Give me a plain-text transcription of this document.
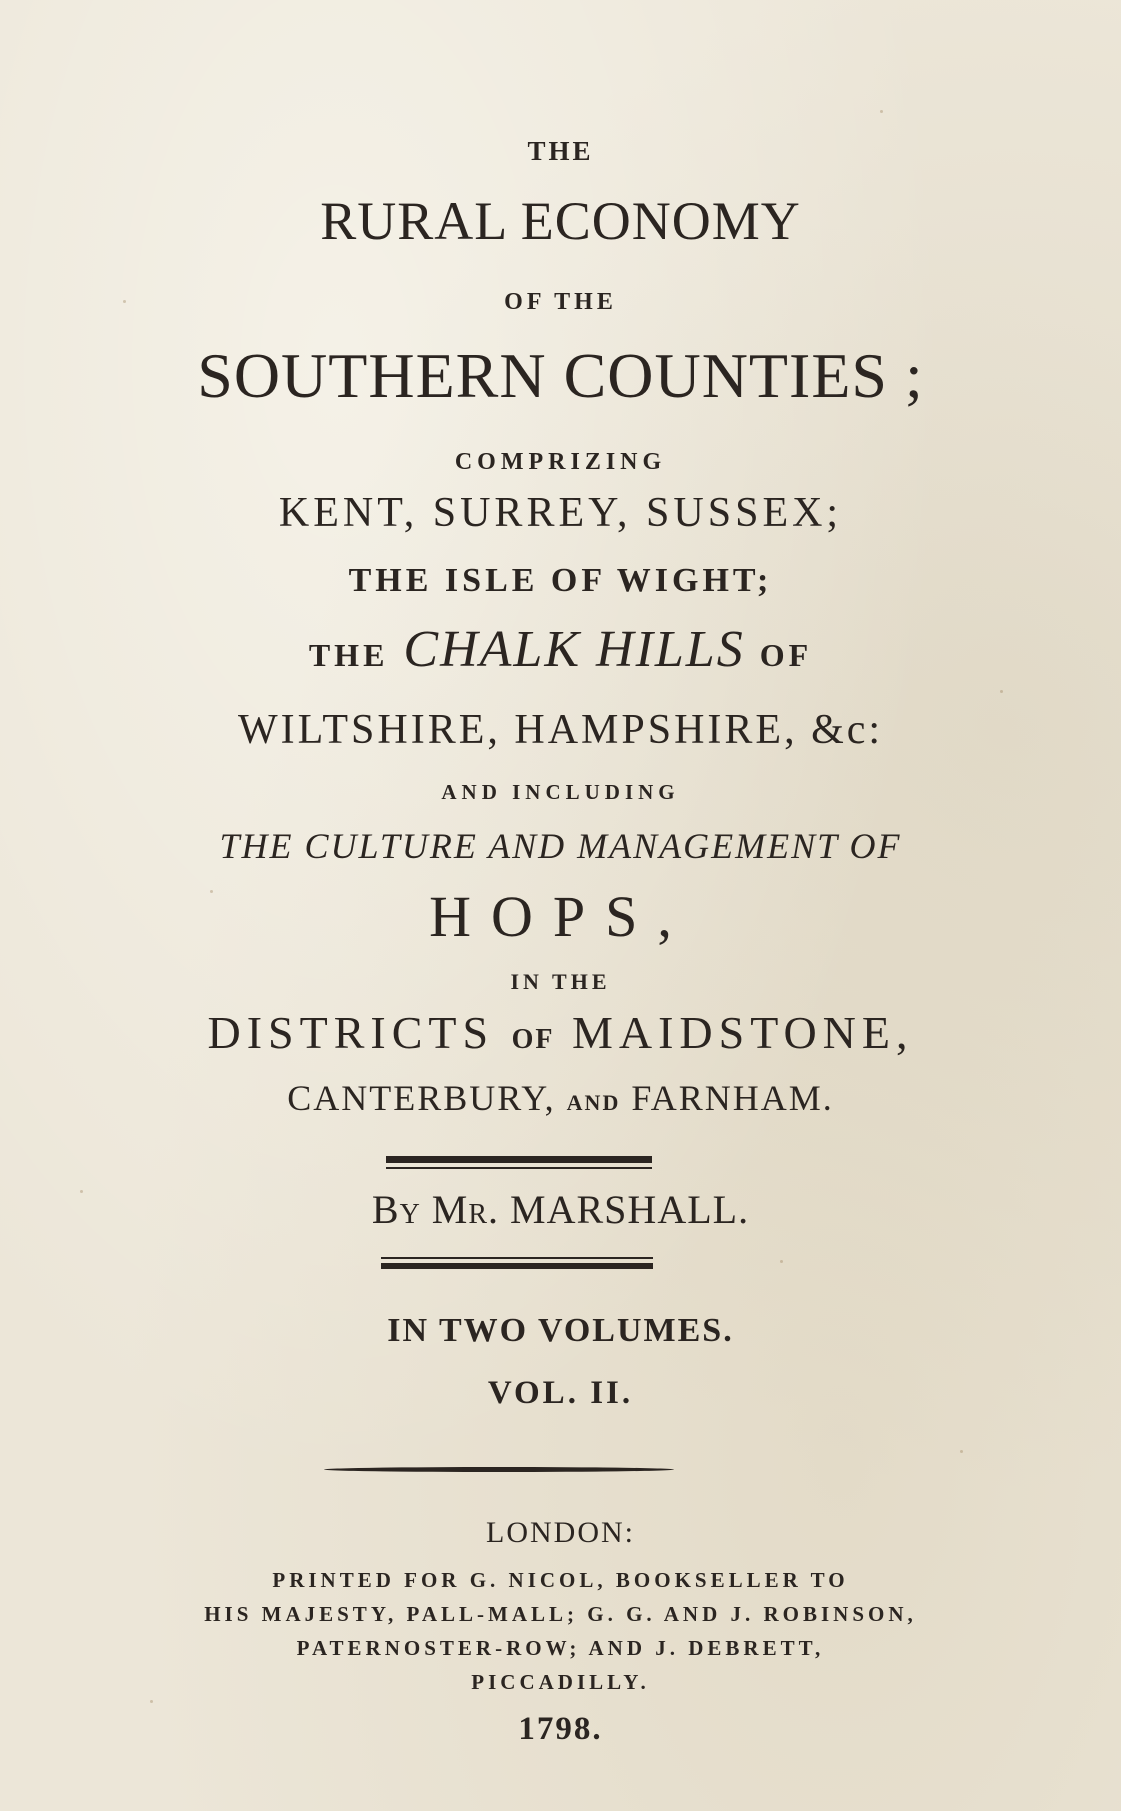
THE
RURAL ECONOMY
OF THE
SOUTHERN COUNTIES ;
COMPRIZING
KENT, SURREY, SUSSEX;
THE ISLE OF WIGHT;
THE CHALK HILLS OF
WILTSHIRE, HAMPSHIRE, &c:
AND INCLUDING
THE CULTURE AND MANAGEMENT OF
HOPS,
IN THE
DISTRICTS OF MAIDSTONE,
CANTERBURY, AND FARNHAM.
By Mr. MARSHALL.
IN TWO VOLUMES.
VOL. II.
LONDON:
PRINTED FOR G. NICOL, BOOKSELLER TO
HIS MAJESTY, PALL-MALL; G. G. AND J. ROBINSON,
PATERNOSTER-ROW; AND J. DEBRETT,
PICCADILLY.
1798.
